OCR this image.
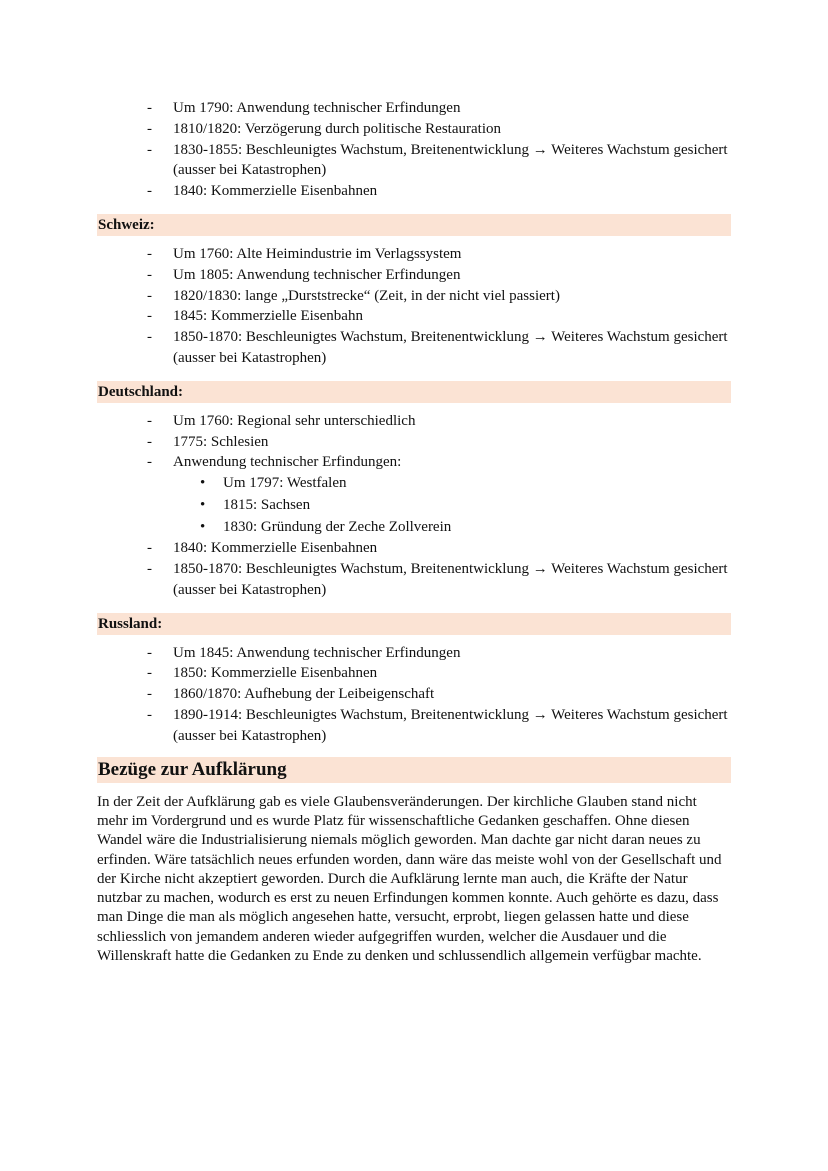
- Um 1790: Anwendung technischer Erfindungen
- 1810/1820: Verzögerung durch politische Restauration
- 1830-1855: Beschleunigtes Wachstum, Breitenentwicklung → Weiteres Wachstum gesichert (ausser bei Katastrophen)
- 1840: Kommerzielle Eisenbahnen
Schweiz:
- Um 1760: Alte Heimindustrie im Verlagssystem
- Um 1805: Anwendung technischer Erfindungen
- 1820/1830: lange „Durststrecke“ (Zeit, in der nicht viel passiert)
- 1845: Kommerzielle Eisenbahn
- 1850-1870: Beschleunigtes Wachstum, Breitenentwicklung → Weiteres Wachstum gesichert (ausser bei Katastrophen)
Deutschland:
- Um 1760: Regional sehr unterschiedlich
- 1775: Schlesien
- Anwendung technischer Erfindungen:
• Um 1797: Westfalen
• 1815: Sachsen
• 1830: Gründung der Zeche Zollverein
- 1840: Kommerzielle Eisenbahnen
- 1850-1870: Beschleunigtes Wachstum, Breitenentwicklung → Weiteres Wachstum gesichert (ausser bei Katastrophen)
Russland:
- Um 1845: Anwendung technischer Erfindungen
- 1850: Kommerzielle Eisenbahnen
- 1860/1870: Aufhebung der Leibeigenschaft
- 1890-1914: Beschleunigtes Wachstum, Breitenentwicklung → Weiteres Wachstum gesichert (ausser bei Katastrophen)
Bezüge zur Aufklärung

In der Zeit der Aufklärung gab es viele Glaubensveränderungen. Der kirchliche Glauben stand nicht mehr im Vordergrund und es wurde Platz für wissenschaftliche Gedanken geschaffen. Ohne diesen Wandel wäre die Industrialisierung niemals möglich geworden. Man dachte gar nicht daran neues zu erfinden. Wäre tatsächlich neues erfunden worden, dann wäre das meiste wohl von der Gesellschaft und der Kirche nicht akzeptiert geworden. Durch die Aufklärung lernte man auch, die Kräfte der Natur nutzbar zu machen, wodurch es erst zu neuen Erfindungen kommen konnte. Auch gehörte es dazu, dass man Dinge die man als möglich angesehen hatte, versucht, erprobt, liegen gelassen hatte und diese schliesslich von jemandem anderen wieder aufgegriffen wurden, welcher die Ausdauer und die Willenskraft hatte die Gedanken zu Ende zu denken und schlussendlich allgemein verfügbar machte.
